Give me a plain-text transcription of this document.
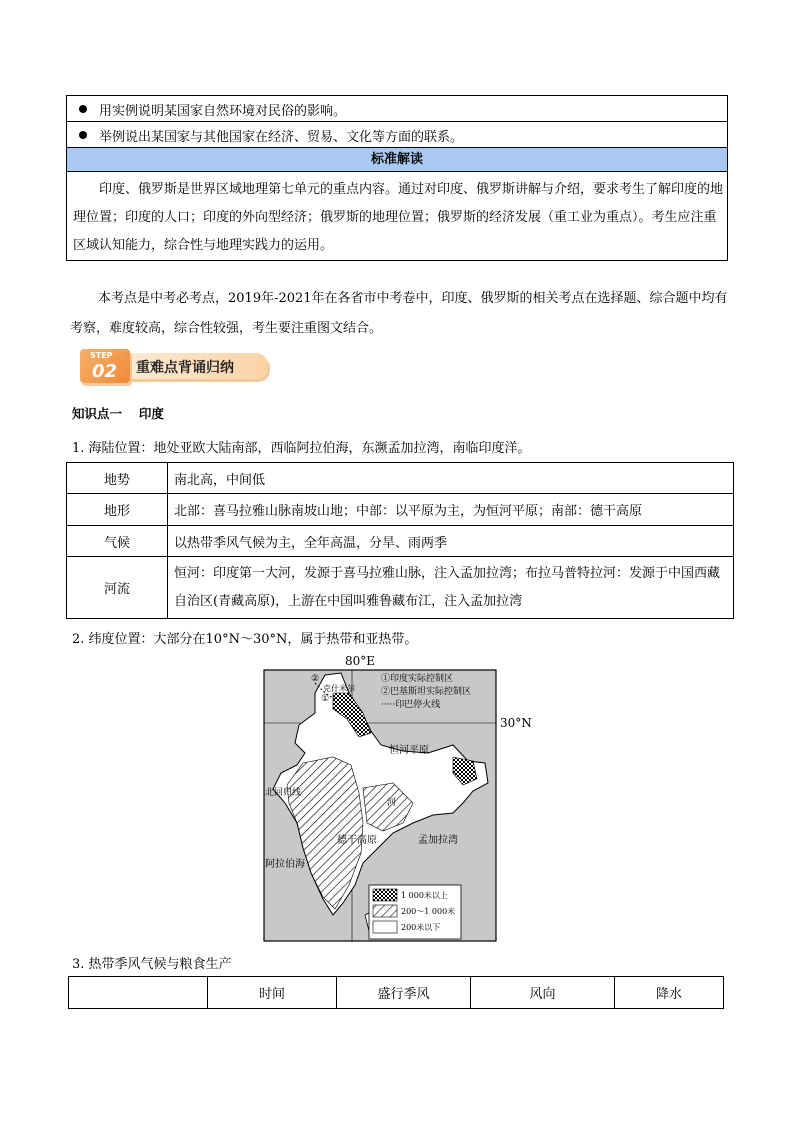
用实例说明某国家自然环境对民俗的影响。
举例说出某国家与其他国家在经济、贸易、文化等方面的联系。
标准解读
印度、俄罗斯是世界区域地理第七单元的重点内容。通过对印度、俄罗斯讲解与介绍，要求考生了解印度的地理位置；印度的人口；印度的外向型经济；俄罗斯的地理位置；俄罗斯的经济发展（重工业为重点）。考生应注重区域认知能力，综合性与地理实践力的运用。
本考点是中考必考点，2019年-2021年在各省市中考卷中，印度、俄罗斯的相关考点在选择题、综合题中均有考察，难度较高，综合性较强，考生要注重图文结合。
重难点背诵归纳
STEP
02
知识点一　 印度
1. 海陆位置：地处亚欧大陆南部，西临阿拉伯海，东濒孟加拉湾，南临印度洋。
地势	南北高，中间低
地形	北部：喜马拉雅山脉南坡山地；中部：以平原为主，为恒河平原；南部：德干高原
气候	以热带季风气候为主，全年高温，分旱、雨两季
河流	恒河：印度第一大河，发源于喜马拉雅山脉，注入孟加拉湾；布拉马普特拉河：发源于中国西藏自治区(青藏高原)，上游在中国叫雅鲁藏布江，注入孟加拉湾
2. 纬度位置：大部分在10°N～30°N，属于热带和亚热带。
80°E
30°N
②
①
克什米尔
恒河平原
北回归线
德干高原
河
孟加拉湾
阿拉伯海
①印度实际控制区
②巴基斯坦实际控制区
·····印巴停火线
1 000米以上
200～1 000米
200米以下
3. 热带季风气候与粮食生产
	时间	盛行季风	风向	降水
